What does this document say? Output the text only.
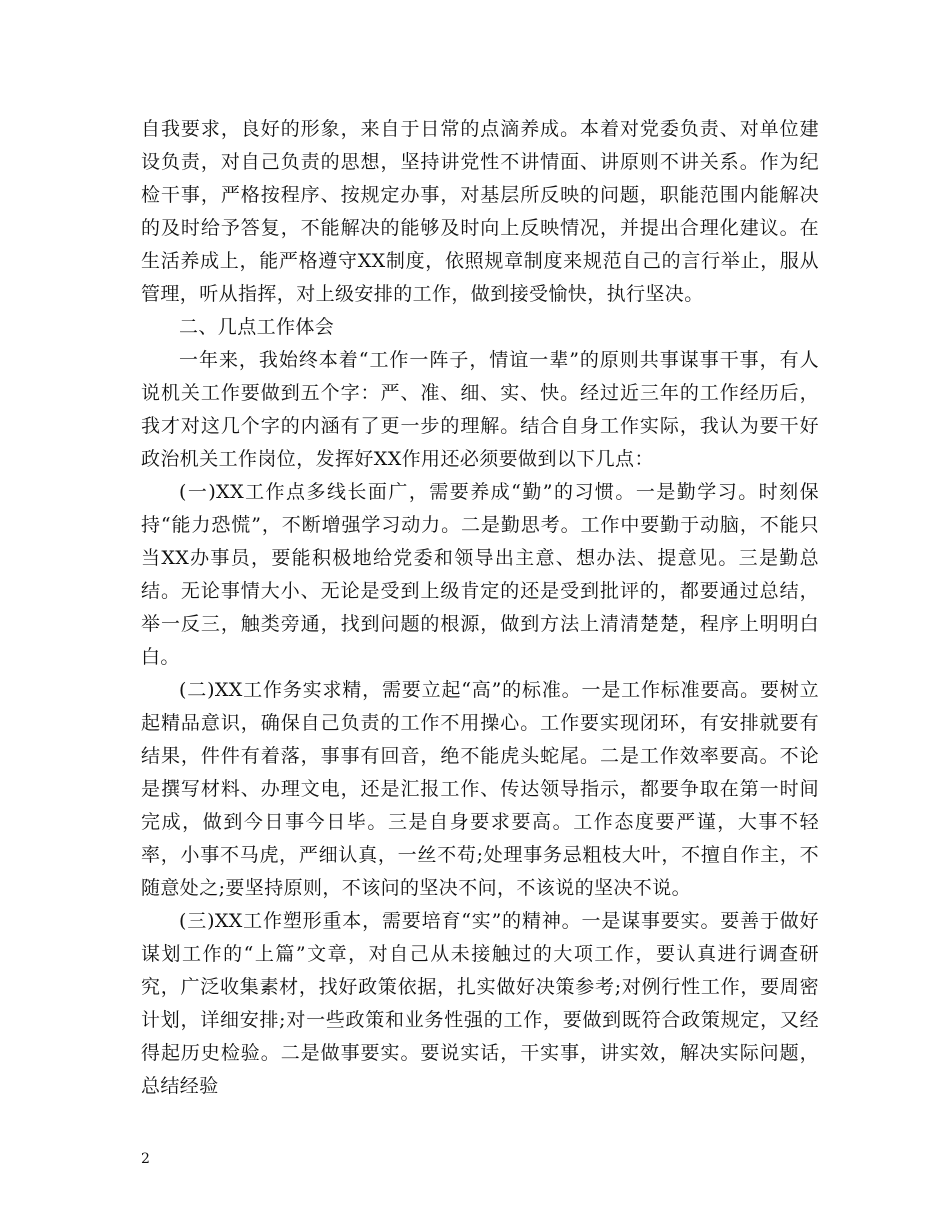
自我要求，良好的形象，来自于日常的点滴养成。本着对党委负责、对单位建设负责，对自己负责的思想，坚持讲党性不讲情面、讲原则不讲关系。作为纪检干事，严格按程序、按规定办事，对基层所反映的问题，职能范围内能解决的及时给予答复，不能解决的能够及时向上反映情况，并提出合理化建议。在生活养成上，能严格遵守XX制度，依照规章制度来规范自己的言行举止，服从管理，听从指挥，对上级安排的工作，做到接受愉快，执行坚决。

二、几点工作体会

一年来，我始终本着“工作一阵子，情谊一辈”的原则共事谋事干事，有人说机关工作要做到五个字：严、准、细、实、快。经过近三年的工作经历后，我才对这几个字的内涵有了更一步的理解。结合自身工作实际，我认为要干好政治机关工作岗位，发挥好XX作用还必须要做到以下几点：

(一)XX工作点多线长面广，需要养成“勤”的习惯。一是勤学习。时刻保持“能力恐慌”，不断增强学习动力。二是勤思考。工作中要勤于动脑，不能只当XX办事员，要能积极地给党委和领导出主意、想办法、提意见。三是勤总结。无论事情大小、无论是受到上级肯定的还是受到批评的，都要通过总结，举一反三，触类旁通，找到问题的根源，做到方法上清清楚楚，程序上明明白白。

(二)XX工作务实求精，需要立起“高”的标准。一是工作标准要高。要树立起精品意识，确保自己负责的工作不用操心。工作要实现闭环，有安排就要有结果，件件有着落，事事有回音，绝不能虎头蛇尾。二是工作效率要高。不论是撰写材料、办理文电，还是汇报工作、传达领导指示，都要争取在第一时间完成，做到今日事今日毕。三是自身要求要高。工作态度要严谨，大事不轻率，小事不马虎，严细认真，一丝不苟;处理事务忌粗枝大叶，不擅自作主，不随意处之;要坚持原则，不该问的坚决不问，不该说的坚决不说。

(三)XX工作塑形重本，需要培育“实”的精神。一是谋事要实。要善于做好谋划工作的“上篇”文章，对自己从未接触过的大项工作，要认真进行调查研究，广泛收集素材，找好政策依据，扎实做好决策参考;对例行性工作，要周密计划，详细安排;对一些政策和业务性强的工作，要做到既符合政策规定，又经得起历史检验。二是做事要实。要说实话，干实事，讲实效，解决实际问题，总结经验

2
